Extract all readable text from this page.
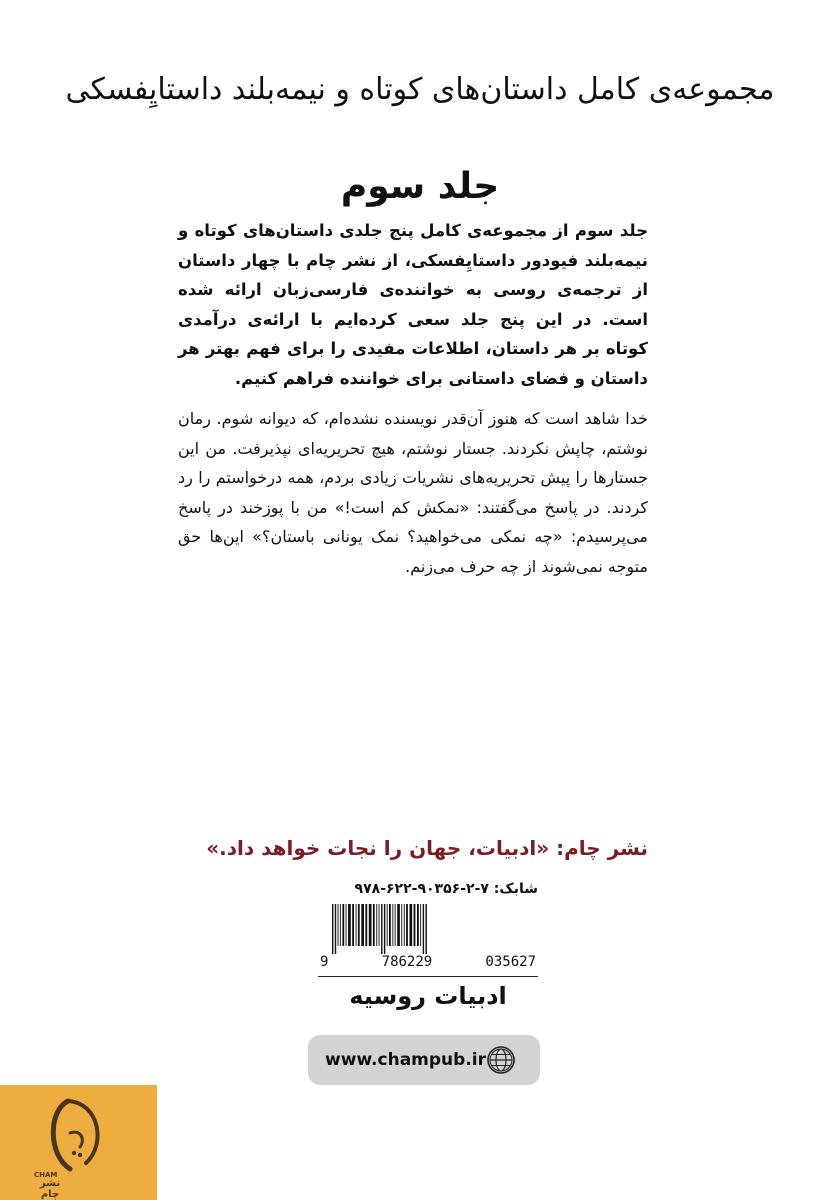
مجموعه‌ی کامل داستان‌های کوتاه و نیمه‌بلند داستایِفسکی
جلد سوم

جلد سوم از مجموعه‌ی کامل پنج جلدی داستان‌های کوتاه و نیمه‌بلند فیودور داستایِفسکی، از نشر چام با چهار داستان از ترجمه‌ی روسی به خواننده‌ی فارسی‌زبان ارائه شده است. در این پنج جلد سعی کرده‌ایم با ارائه‌ی درآمدی کوتاه بر هر داستان، اطلاعات مفیدی را برای فهم بهتر هر داستان و فضای داستانی برای خواننده فراهم کنیم.

خدا شاهد است که هنوز آن‌قدر نویسنده نشده‌ام، که دیوانه شوم. رمان نوشتم، چاپش نکردند. جستار نوشتم، هیچ تحریریه‌ای نپذیرفت. من این جستارها را پیش تحریریه‌های نشریات زیادی بردم، همه درخواستم را رد کردند. در پاسخ می‌گفتند: «نمکش کم است!» من با پوزخند در پاسخ می‌پرسیدم: «چه نمکی می‌خواهید؟ نمک یونانی باستان؟» این‌ها حق متوجه نمی‌شوند از چه حرف می‌زنم.

نشر چام: «ادبیات، جهان را نجات خواهد داد.»
شابک: ۷-۲-۹۰۳۵۶-۶۲۲-۹۷۸
9	786229	035627
ادبیات روسیه
www.champub.ir
CHAM
نشر چام
